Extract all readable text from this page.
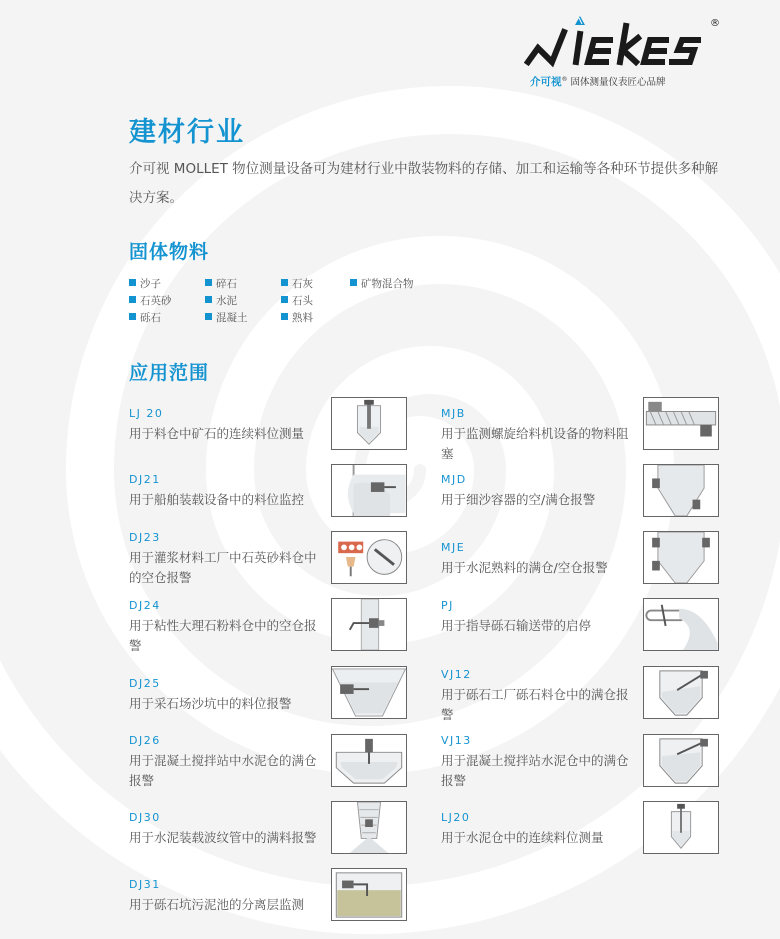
®
介可视® 固体测量仪表匠心品牌
建材行业

介可视 MOLLET 物位测量设备可为建材行业中散装物料的存储、加工和运输等各种环节提供多种解决方案。

固体物料
沙子	碎石	石灰	矿物混合物
石英砂	水泥	石头
砾石	混凝土	熟料
应用范围
LJ 20
用于料仓中矿石的连续料位测量
DJ21
用于船舶装载设备中的料位监控
DJ23
用于灌浆材料工厂中石英砂料仓中的空仓报警
DJ24
用于粘性大理石粉料仓中的空仓报警
DJ25
用于采石场沙坑中的料位报警
DJ26
用于混凝土搅拌站中水泥仓的满仓报警
DJ30
用于水泥装载波纹管中的满料报警
DJ31
用于砾石坑污泥池的分离层监测
MJB
用于监测螺旋给料机设备的物料阻塞
MJD
用于细沙容器的空/满仓报警
MJE
用于水泥熟料的满仓/空仓报警
PJ
用于指导砾石输送带的启停
VJ12
用于砾石工厂砾石料仓中的满仓报警
VJ13
用于混凝土搅拌站水泥仓中的满仓报警
LJ20
用于水泥仓中的连续料位测量
